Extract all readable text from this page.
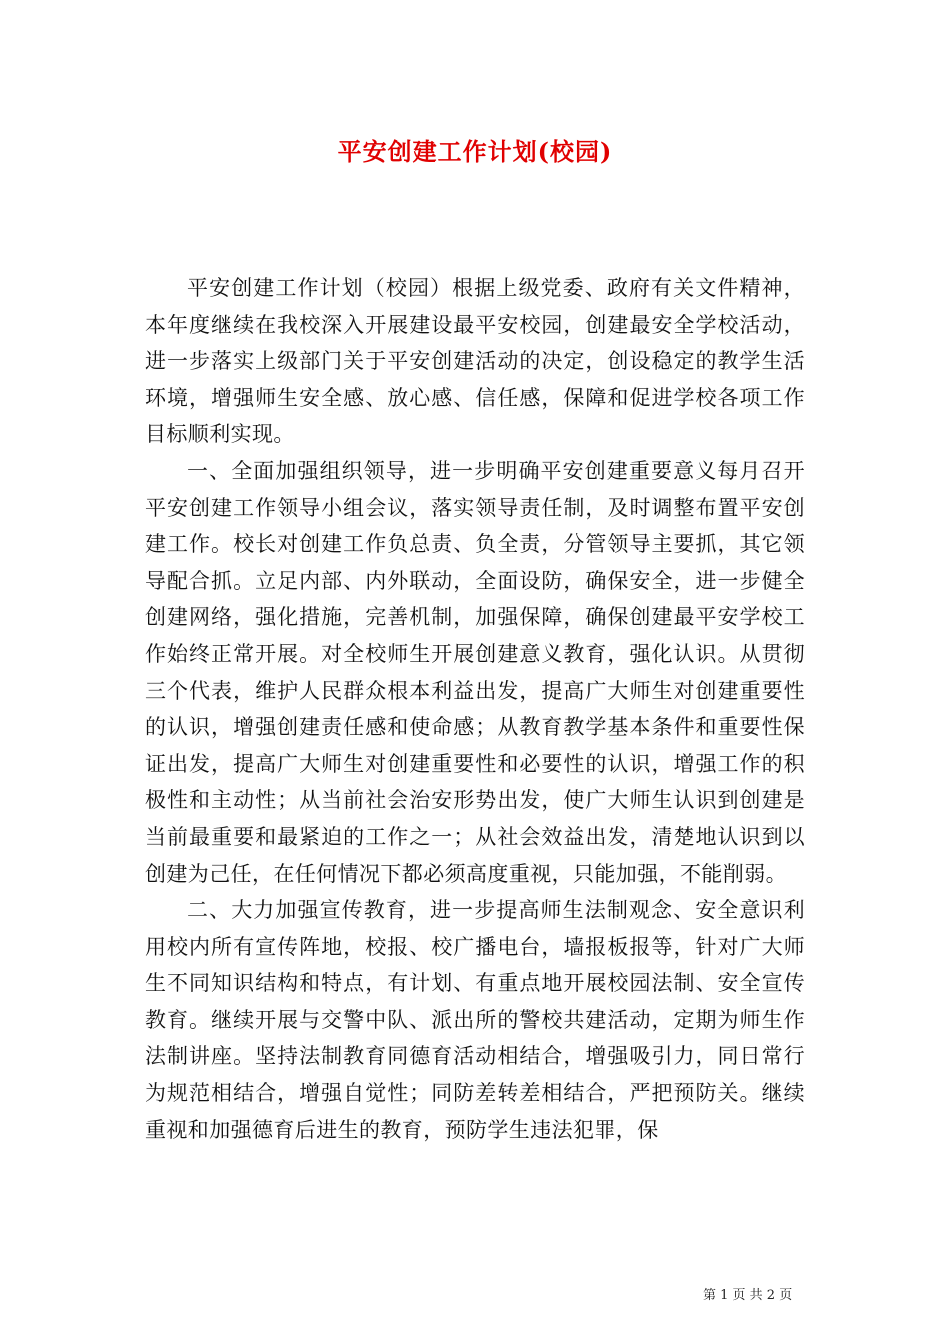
平安创建工作计划(校园)

平安创建工作计划（校园）根据上级党委、政府有关文件精神，本年度继续在我校深入开展建设最平安校园，创建最安全学校活动，进一步落实上级部门关于平安创建活动的决定，创设稳定的教学生活环境，增强师生安全感、放心感、信任感，保障和促进学校各项工作目标顺利实现。

一、全面加强组织领导，进一步明确平安创建重要意义每月召开平安创建工作领导小组会议，落实领导责任制，及时调整布置平安创建工作。校长对创建工作负总责、负全责，分管领导主要抓，其它领导配合抓。立足内部、内外联动，全面设防，确保安全，进一步健全创建网络，强化措施，完善机制，加强保障，确保创建最平安学校工作始终正常开展。对全校师生开展创建意义教育，强化认识。从贯彻三个代表，维护人民群众根本利益出发，提高广大师生对创建重要性的认识，增强创建责任感和使命感；从教育教学基本条件和重要性保证出发，提高广大师生对创建重要性和必要性的认识，增强工作的积极性和主动性；从当前社会治安形势出发，使广大师生认识到创建是当前最重要和最紧迫的工作之一；从社会效益出发，清楚地认识到以创建为己任，在任何情况下都必须高度重视，只能加强，不能削弱。

二、大力加强宣传教育，进一步提高师生法制观念、安全意识利用校内所有宣传阵地，校报、校广播电台，墙报板报等，针对广大师生不同知识结构和特点，有计划、有重点地开展校园法制、安全宣传教育。继续开展与交警中队、派出所的警校共建活动，定期为师生作法制讲座。坚持法制教育同德育活动相结合，增强吸引力，同日常行为规范相结合，增强自觉性；同防差转差相结合，严把预防关。继续重视和加强德育后进生的教育，预防学生违法犯罪，保

第 1 页 共 2 页
